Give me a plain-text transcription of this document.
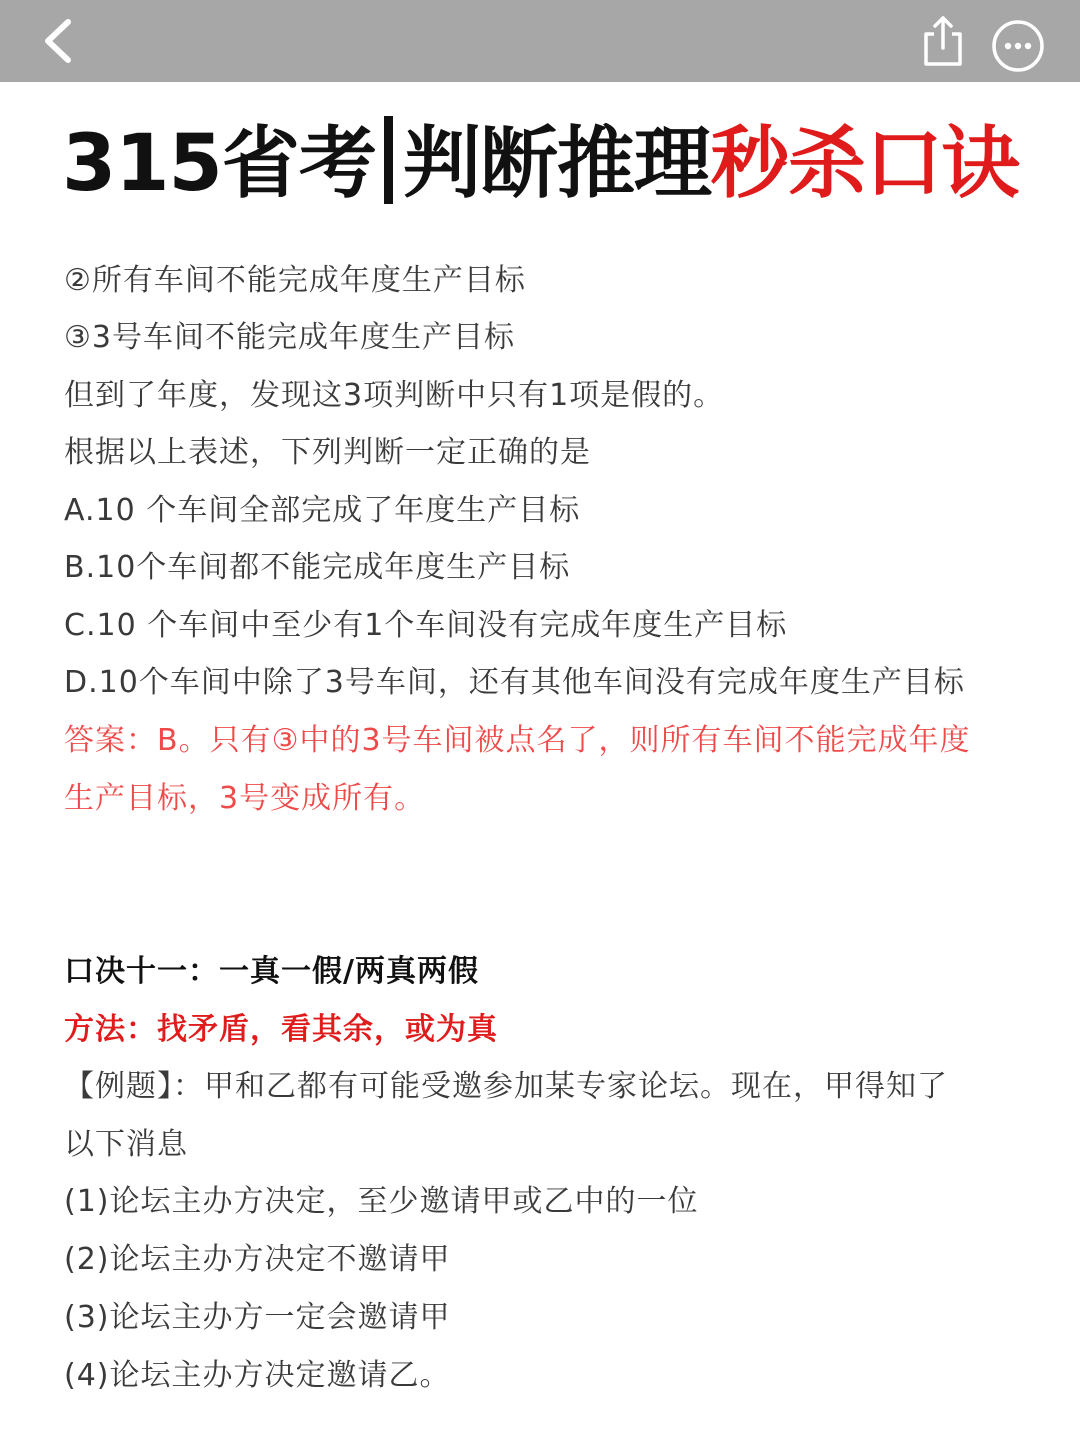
315省考 判断推理秒杀口诀
②所有车间不能完成年度生产目标
③3号车间不能完成年度生产目标
但到了年度，发现这3项判断中只有1项是假的。
根据以上表述，下列判断一定正确的是
A.10 个车间全部完成了年度生产目标
B.10个车间都不能完成年度生产目标
C.10 个车间中至少有1个车间没有完成年度生产目标
D.10个车间中除了3号车间，还有其他车间没有完成年度生产目标
答案：B。只有③中的3号车间被点名了，则所有车间不能完成年度
生产目标，3号变成所有。
口决十一：一真一假/两真两假
方法：找矛盾，看其余，或为真
【例题】：甲和乙都有可能受邀参加某专家论坛。现在，甲得知了
以下消息
(1)论坛主办方决定，至少邀请甲或乙中的一位
(2)论坛主办方决定不邀请甲
(3)论坛主办方一定会邀请甲
(4)论坛主办方决定邀请乙。
